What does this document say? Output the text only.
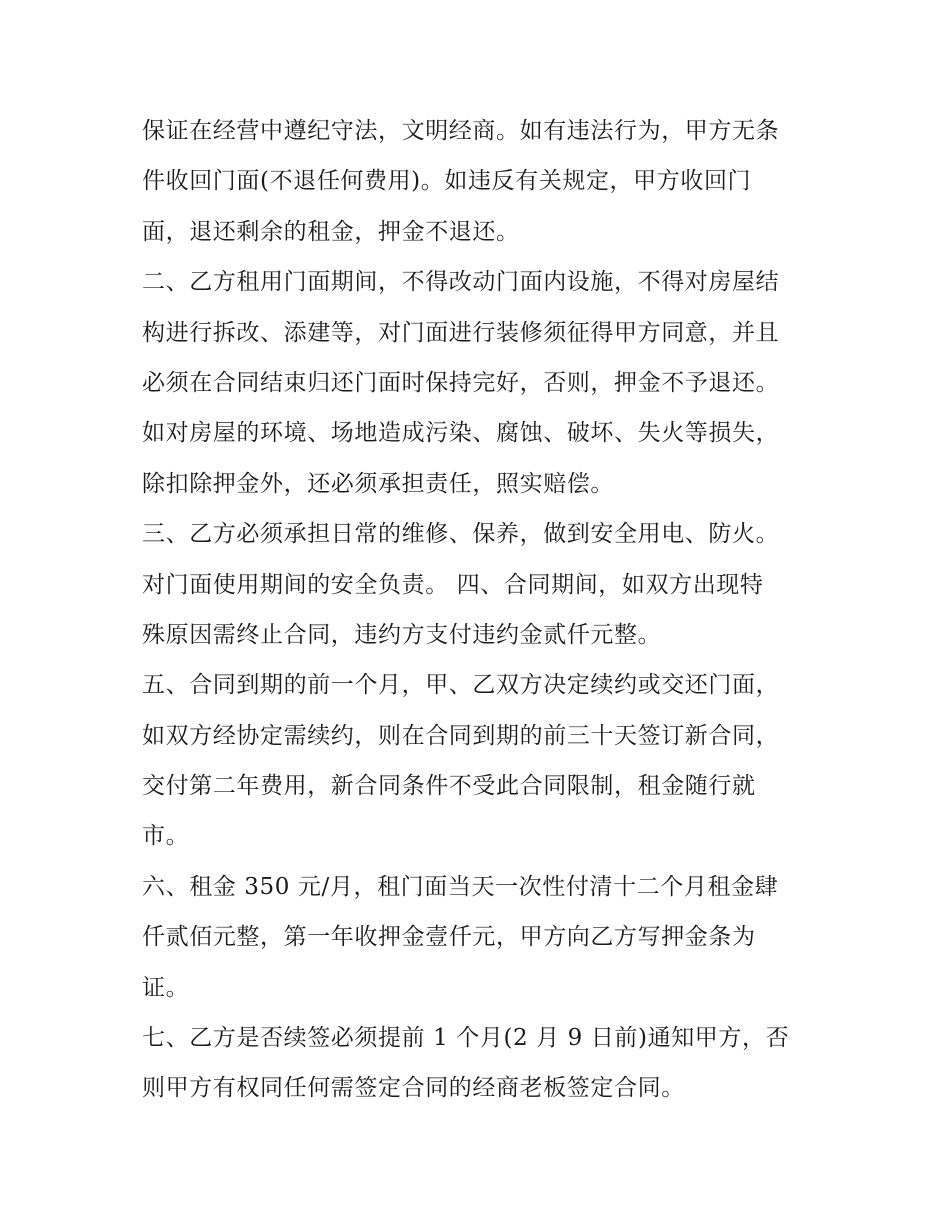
保证在经营中遵纪守法，文明经商。如有违法行为，甲方无条
件收回门面(不退任何费用)。如违反有关规定，甲方收回门
面，退还剩余的租金，押金不退还。
二、乙方租用门面期间，不得改动门面内设施，不得对房屋结
构进行拆改、添建等，对门面进行装修须征得甲方同意，并且
必须在合同结束归还门面时保持完好，否则，押金不予退还。
如对房屋的环境、场地造成污染、腐蚀、破坏、失火等损失，
除扣除押金外，还必须承担责任，照实赔偿。
三、乙方必须承担日常的维修、保养，做到安全用电、防火。
对门面使用期间的安全负责。 四、合同期间，如双方出现特
殊原因需终止合同，违约方支付违约金贰仟元整。
五、合同到期的前一个月，甲、乙双方决定续约或交还门面，
如双方经协定需续约，则在合同到期的前三十天签订新合同，
交付第二年费用，新合同条件不受此合同限制，租金随行就
市。
六、租金 350 元/月，租门面当天一次性付清十二个月租金肆
仟贰佰元整，第一年收押金壹仟元，甲方向乙方写押金条为
证。
七、乙方是否续签必须提前 1 个月(2 月 9 日前)通知甲方，否
则甲方有权同任何需签定合同的经商老板签定合同。
